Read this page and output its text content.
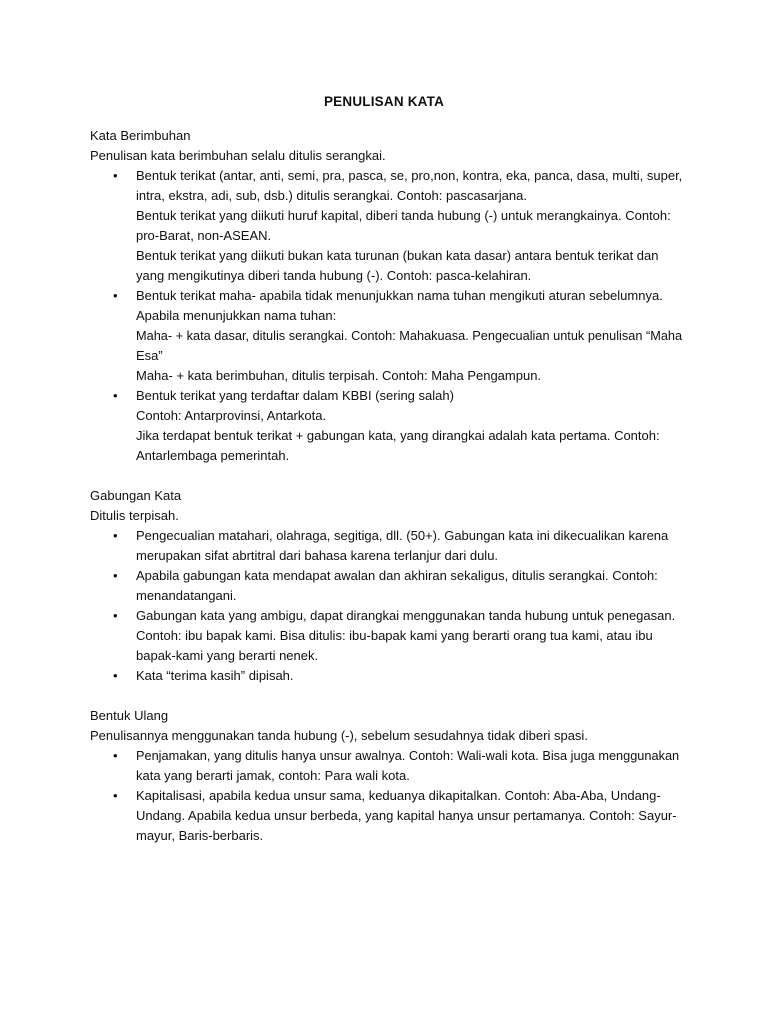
PENULISAN KATA
Kata Berimbuhan

Penulisan kata berimbuhan selalu ditulis serangkai.

• Bentuk terikat (antar, anti, semi, pra, pasca, se, pro,non, kontra, eka, panca, dasa, multi, super,
intra, ekstra, adi, sub, dsb.) ditulis serangkai. Contoh: pascasarjana.
Bentuk terikat yang diikuti huruf kapital, diberi tanda hubung (-) untuk merangkainya. Contoh:
pro-Barat, non-ASEAN.
Bentuk terikat yang diikuti bukan kata turunan (bukan kata dasar) antara bentuk terikat dan
yang mengikutinya diberi tanda hubung (-). Contoh: pasca-kelahiran.
• Bentuk terikat maha- apabila tidak menunjukkan nama tuhan mengikuti aturan sebelumnya.
Apabila menunjukkan nama tuhan:
Maha- + kata dasar, ditulis serangkai. Contoh: Mahakuasa. Pengecualian untuk penulisan “Maha
Esa”
Maha- + kata berimbuhan, ditulis terpisah. Contoh: Maha Pengampun.
• Bentuk terikat yang terdaftar dalam KBBI (sering salah)
Contoh: Antarprovinsi, Antarkota.
Jika terdapat bentuk terikat + gabungan kata, yang dirangkai adalah kata pertama. Contoh:
Antarlembaga pemerintah.
Gabungan Kata

Ditulis terpisah.

• Pengecualian matahari, olahraga, segitiga, dll. (50+). Gabungan kata ini dikecualikan karena
merupakan sifat abrtitral dari bahasa karena terlanjur dari dulu.
• Apabila gabungan kata mendapat awalan dan akhiran sekaligus, ditulis serangkai. Contoh:
menandatangani.
• Gabungan kata yang ambigu, dapat dirangkai menggunakan tanda hubung untuk penegasan.
Contoh: ibu bapak kami. Bisa ditulis: ibu-bapak kami yang berarti orang tua kami, atau ibu
bapak-kami yang berarti nenek.
• Kata “terima kasih” dipisah.
Bentuk Ulang

Penulisannya menggunakan tanda hubung (-), sebelum sesudahnya tidak diberi spasi.

• Penjamakan, yang ditulis hanya unsur awalnya. Contoh: Wali-wali kota. Bisa juga menggunakan
kata yang berarti jamak, contoh: Para wali kota.
• Kapitalisasi, apabila kedua unsur sama, keduanya dikapitalkan. Contoh: Aba-Aba, Undang-
Undang. Apabila kedua unsur berbeda, yang kapital hanya unsur pertamanya. Contoh: Sayur-
mayur, Baris-berbaris.
